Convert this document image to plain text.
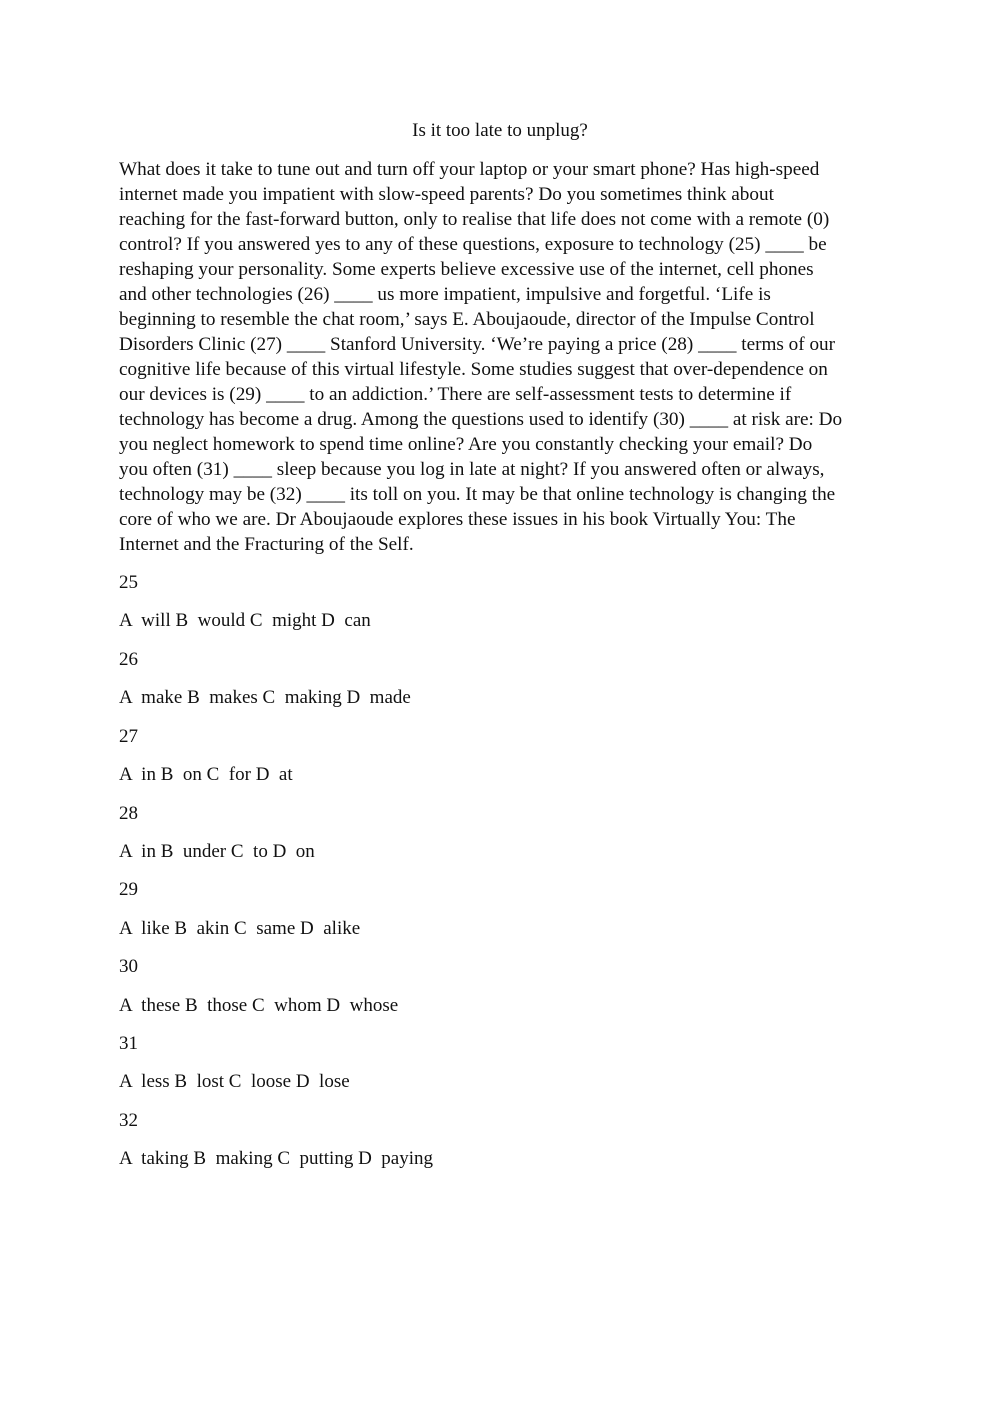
Is it too late to unplug?
What does it take to tune out and turn off your laptop or your smart phone? Has high-speed
internet made you impatient with slow-speed parents? Do you sometimes think about
reaching for the fast-forward button, only to realise that life does not come with a remote (0)
control? If you answered yes to any of these questions, exposure to technology (25) ____ be
reshaping your personality. Some experts believe excessive use of the internet, cell phones
and other technologies (26) ____ us more impatient, impulsive and forgetful. ‘Life is
beginning to resemble the chat room,’ says E. Aboujaoude, director of the Impulse Control
Disorders Clinic (27) ____ Stanford University. ‘We’re paying a price (28) ____ terms of our
cognitive life because of this virtual lifestyle. Some studies suggest that over-dependence on
our devices is (29) ____ to an addiction.’ There are self-assessment tests to determine if
technology has become a drug. Among the questions used to identify (30) ____ at risk are: Do
you neglect homework to spend time online? Are you constantly checking your email? Do
you often (31) ____ sleep because you log in late at night? If you answered often or always,
technology may be (32) ____ its toll on you. It may be that online technology is changing the
core of who we are. Dr Aboujaoude explores these issues in his book Virtually You: The
Internet and the Fracturing of the Self.
25
A  will B  would C  might D  can
26
A  make B  makes C  making D  made
27
A  in B  on C  for D  at
28
A  in B  under C  to D  on
29
A  like B  akin C  same D  alike
30
A  these B  those C  whom D  whose
31
A  less B  lost C  loose D  lose
32
A  taking B  making C  putting D  paying
